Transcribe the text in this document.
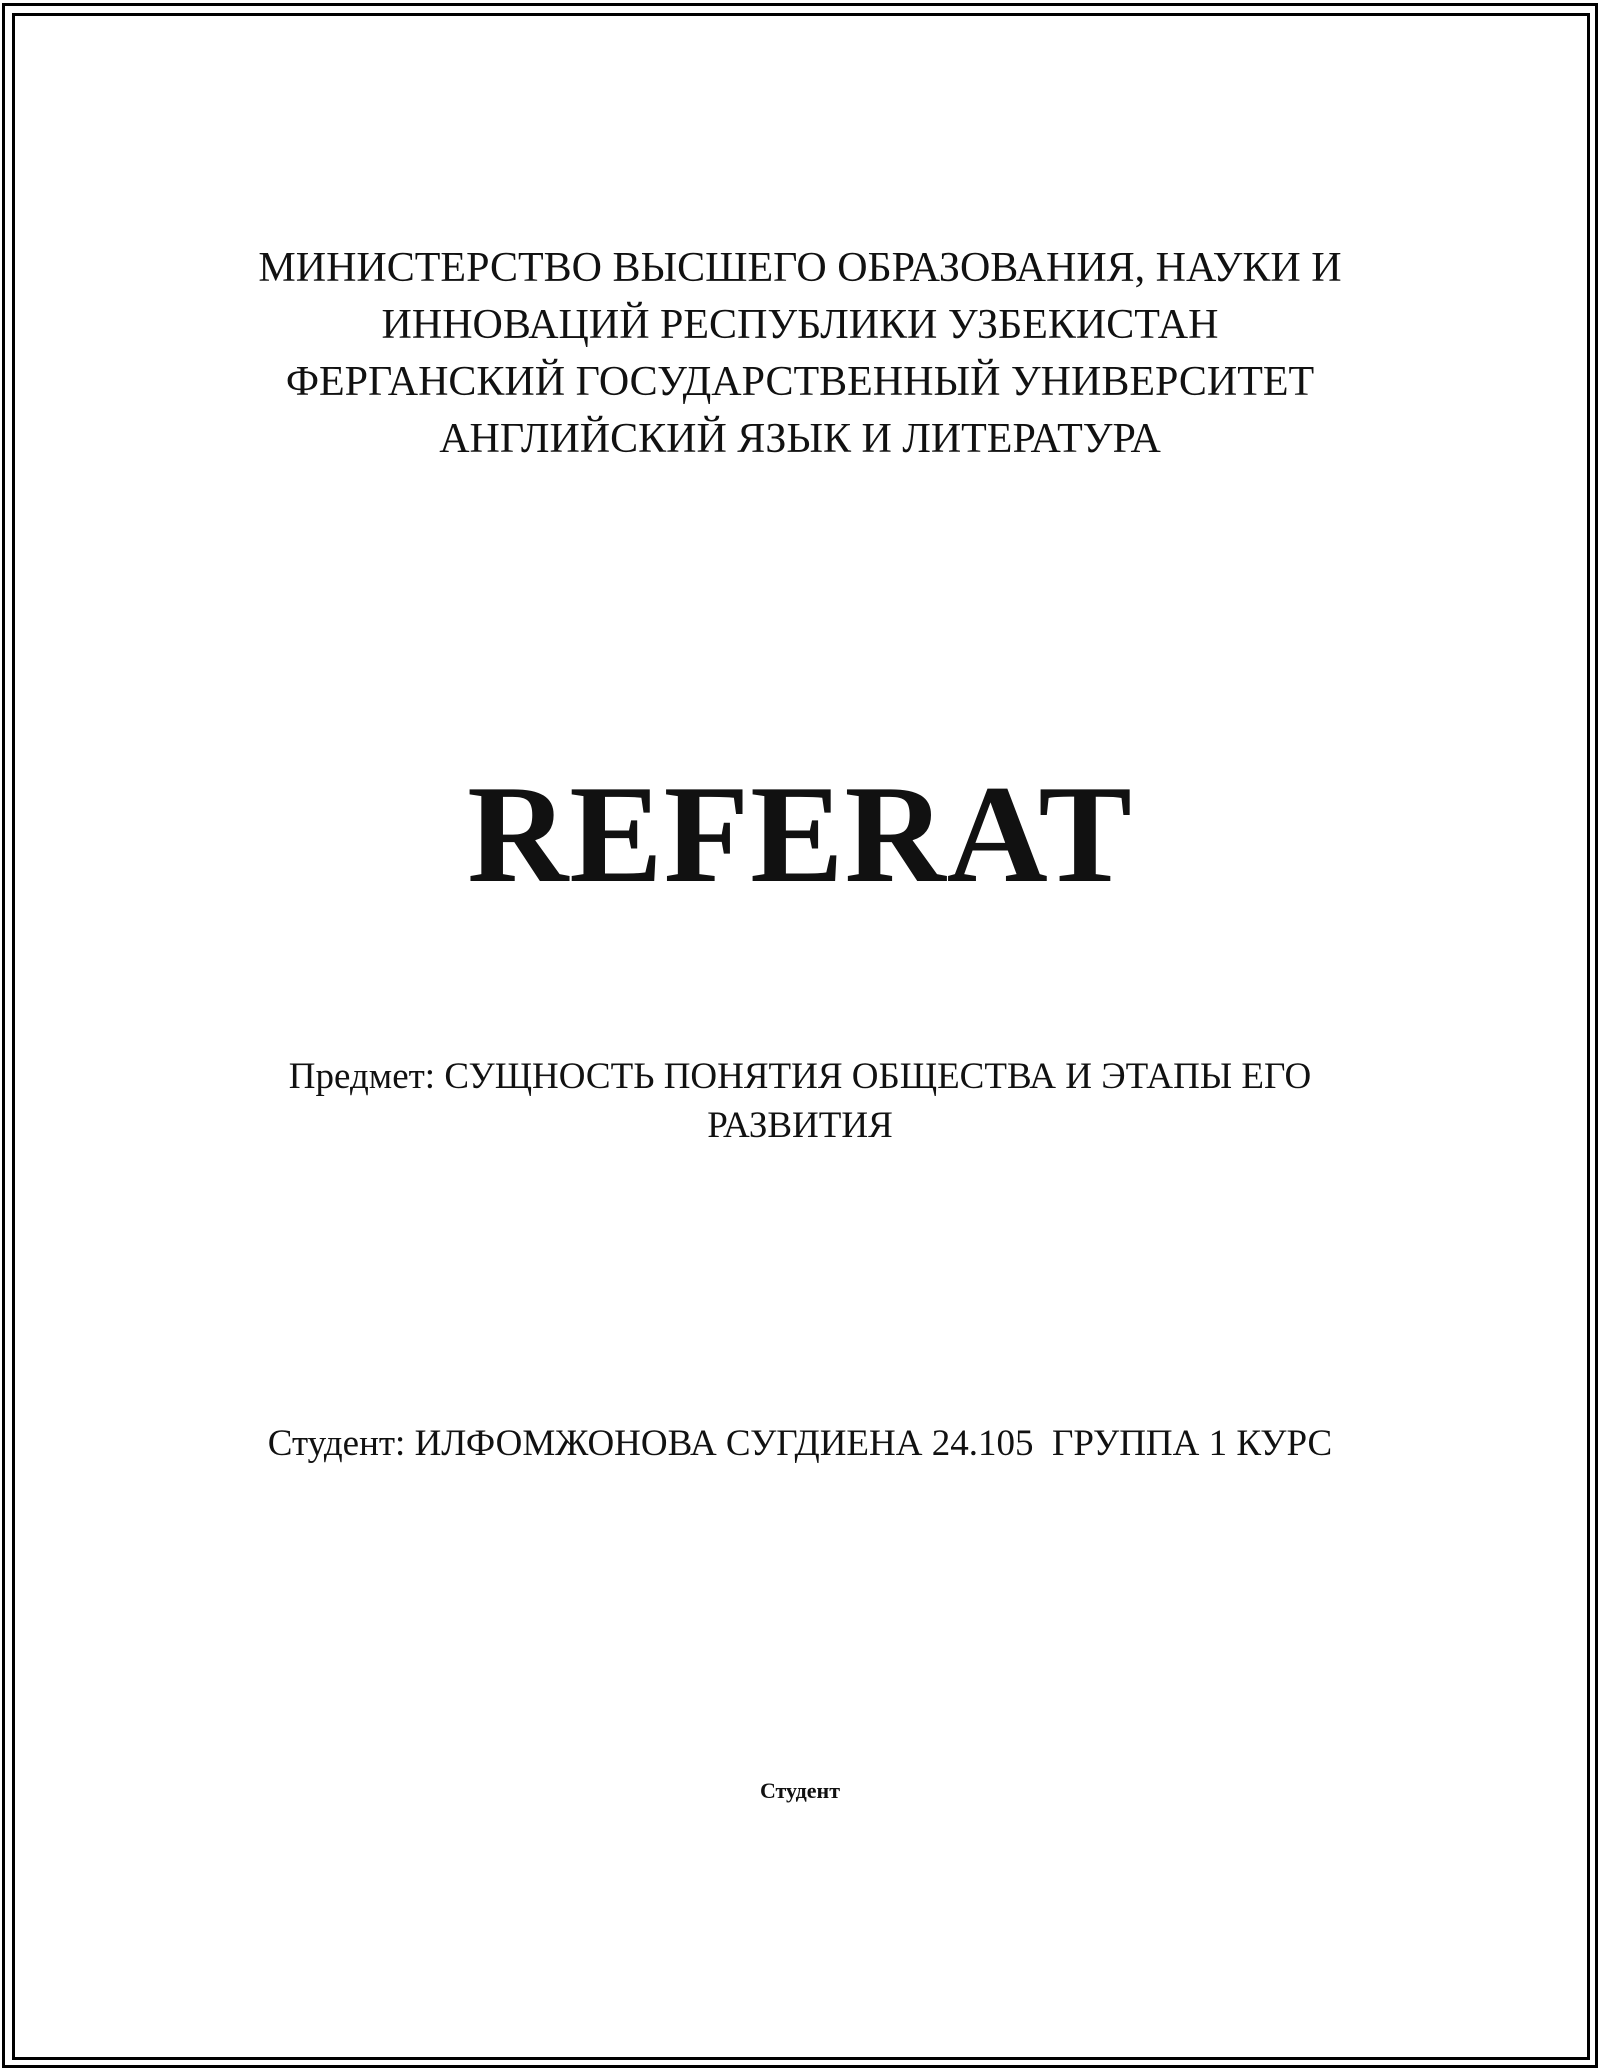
МИНИСТЕРСТВО ВЫСШЕГО ОБРАЗОВАНИЯ, НАУКИ И
ИННОВАЦИЙ РЕСПУБЛИКИ УЗБЕКИСТАН
ФЕРГАНСКИЙ ГОСУДАРСТВЕННЫЙ УНИВЕРСИТЕТ
АНГЛИЙСКИЙ ЯЗЫК И ЛИТЕРАТУРА
REFERAT
Предмет: СУЩНОСТЬ ПОНЯТИЯ ОБЩЕСТВА И ЭТАПЫ ЕГО РАЗВИТИЯ
Студент: ИЛФОМЖОНОВА СУГДИЕНА 24.105  ГРУППА 1 КУРС
Студент
